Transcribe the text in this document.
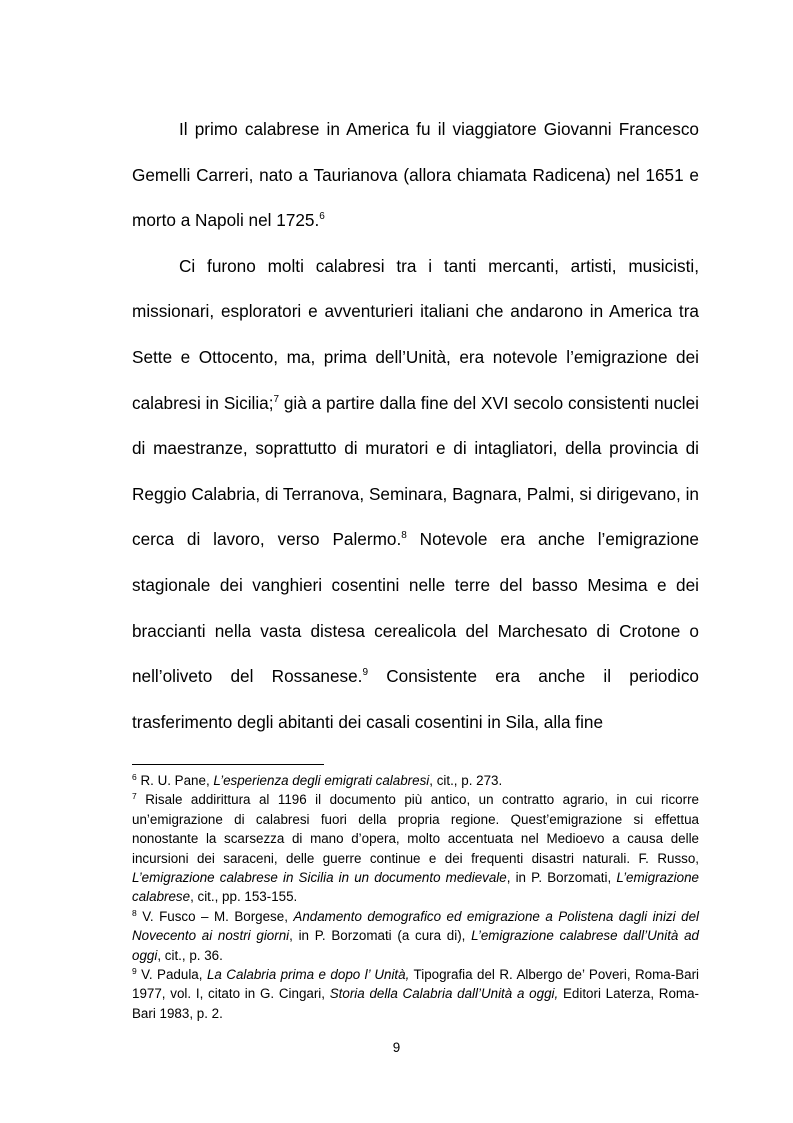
Il primo calabrese in America fu il viaggiatore Giovanni Francesco Gemelli Carreri, nato a Taurianova (allora chiamata Radicena) nel 1651 e morto a Napoli nel 1725.$^6$

Ci furono molti calabresi tra i tanti mercanti, artisti, musicisti, missionari, esploratori e avventurieri italiani che andarono in America tra Sette e Ottocento, ma, prima dell’Unità, era notevole l’emigrazione dei calabresi in Sicilia;$^7$ già a partire dalla fine del XVI secolo consistenti nuclei di maestranze, soprattutto di muratori e di intagliatori, della provincia di Reggio Calabria, di Terranova, Seminara, Bagnara, Palmi, si dirigevano, in cerca di lavoro, verso Palermo.$^8$ Notevole era anche l’emigrazione stagionale dei vanghieri cosentini nelle terre del basso Mesima e dei braccianti nella vasta distesa cerealicola del Marchesato di Crotone o nell’oliveto del Rossanese.$^9$ Consistente era anche il periodico trasferimento degli abitanti dei casali cosentini in Sila, alla fine

$^6$ R. U. Pane, L’esperienza degli emigrati calabresi, cit., p. 273.

$^7$ Risale addirittura al 1196 il documento più antico, un contratto agrario, in cui ricorre un’emigrazione di calabresi fuori della propria regione. Quest’emigrazione si effettua nonostante la scarsezza di mano d’opera, molto accentuata nel Medioevo a causa delle incursioni dei saraceni, delle guerre continue e dei frequenti disastri naturali. F. Russo, L’emigrazione calabrese in Sicilia in un documento medievale, in P. Borzomati, L’emigrazione calabrese, cit., pp. 153-155.

$^8$ V. Fusco – M. Borgese, Andamento demografico ed emigrazione a Polistena dagli inizi del Novecento ai nostri giorni, in P. Borzomati (a cura di), L’emigrazione calabrese dall’Unità ad oggi, cit., p. 36.

$^9$ V. Padula, La Calabria prima e dopo l’ Unità, Tipografia del R. Albergo de’ Poveri, Roma-Bari 1977, vol. I, citato in G. Cingari, Storia della Calabria dall’Unità a oggi, Editori Laterza, Roma-Bari 1983, p. 2.

9
